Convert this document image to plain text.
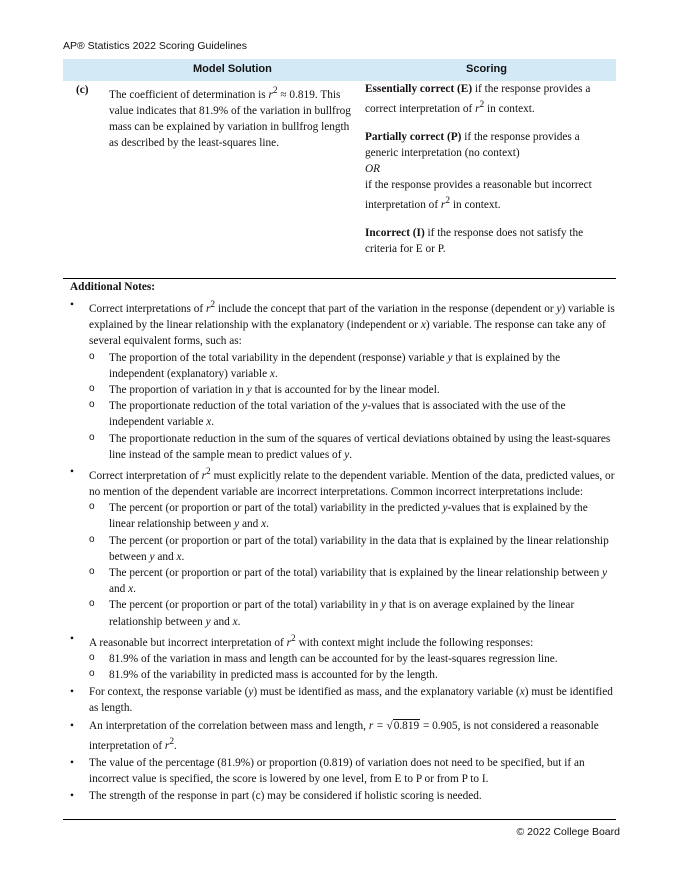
AP® Statistics 2022 Scoring Guidelines
Model Solution	Scoring
(c) The coefficient of determination is $r^2 \approx 0.819$. This value indicates that 81.9% of the variation in bullfrog mass can be explained by variation in bullfrog length as described by the least-squares line.

Essentially correct (E) if the response provides a correct interpretation of $r^2$ in context.

Partially correct (P) if the response provides a generic interpretation (no context)
OR
if the response provides a reasonable but incorrect interpretation of $r^2$ in context.

Incorrect (I) if the response does not satisfy the criteria for E or P.

Additional Notes:
• Correct interpretations of $r^2$ include the concept that part of the variation in the response (dependent or y) variable is explained by the linear relationship with the explanatory (independent or x) variable. The response can take any of several equivalent forms, such as:
o The proportion of the total variability in the dependent (response) variable y that is explained by the independent (explanatory) variable x.
o The proportion of variation in y that is accounted for by the linear model.
o The proportionate reduction of the total variation of the y-values that is associated with the use of the independent variable x.
o The proportionate reduction in the sum of the squares of vertical deviations obtained by using the least-squares line instead of the sample mean to predict values of y.
• Correct interpretation of $r^2$ must explicitly relate to the dependent variable. Mention of the data, predicted values, or no mention of the dependent variable are incorrect interpretations. Common incorrect interpretations include:
o The percent (or proportion or part of the total) variability in the predicted y-values that is explained by the linear relationship between y and x.
o The percent (or proportion or part of the total) variability in the data that is explained by the linear relationship between y and x.
o The percent (or proportion or part of the total) variability that is explained by the linear relationship between y and x.
o The percent (or proportion or part of the total) variability in y that is on average explained by the linear relationship between y and x.
• A reasonable but incorrect interpretation of $r^2$ with context might include the following responses:
o 81.9% of the variation in mass and length can be accounted for by the least-squares regression line.
o 81.9% of the variability in predicted mass is accounted for by the length.
• For context, the response variable (y) must be identified as mass, and the explanatory variable (x) must be identified as length.
• An interpretation of the correlation between mass and length, r = √0.819 = 0.905, is not considered a reasonable interpretation of $r^2$.
• The value of the percentage (81.9%) or proportion (0.819) of variation does not need to be specified, but if an incorrect value is specified, the score is lowered by one level, from E to P or from P to I.
• The strength of the response in part (c) may be considered if holistic scoring is needed.
© 2022 College Board
